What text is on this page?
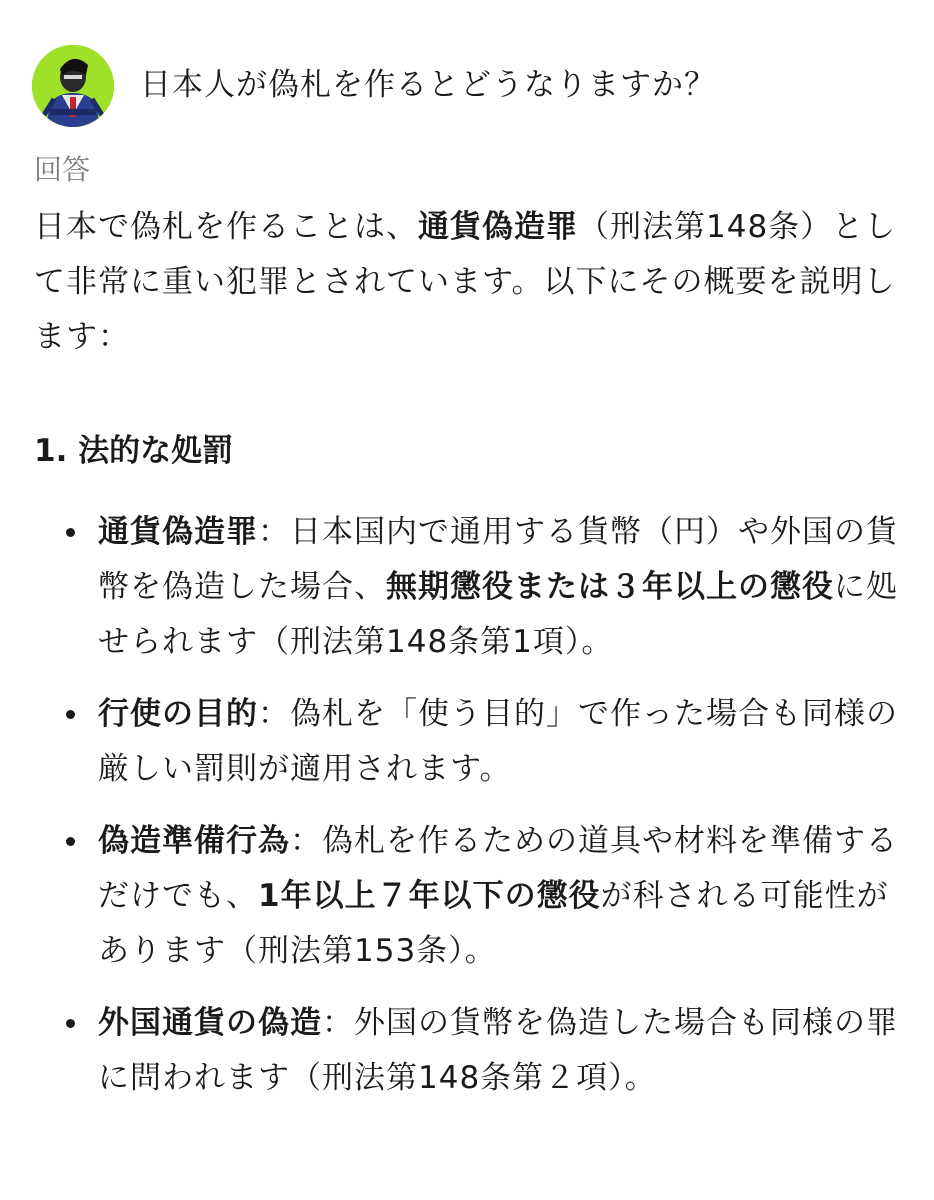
日本人が偽札を作るとどうなりますか？
回答
日本で偽札を作ることは、通貨偽造罪（刑法第148条）として非常に重い犯罪とされています。以下にその概要を説明します：
1. 法的な処罰
通貨偽造罪：日本国内で通用する貨幣（円）や外国の貨幣を偽造した場合、無期懲役または３年以上の懲役に処せられます（刑法第148条第1項）。
行使の目的：偽札を「使う目的」で作った場合も同様の厳しい罰則が適用されます。
偽造準備行為：偽札を作るための道具や材料を準備するだけでも、1年以上７年以下の懲役が科される可能性があります（刑法第153条）。
外国通貨の偽造：外国の貨幣を偽造した場合も同様の罪に問われます（刑法第148条第２項）。
